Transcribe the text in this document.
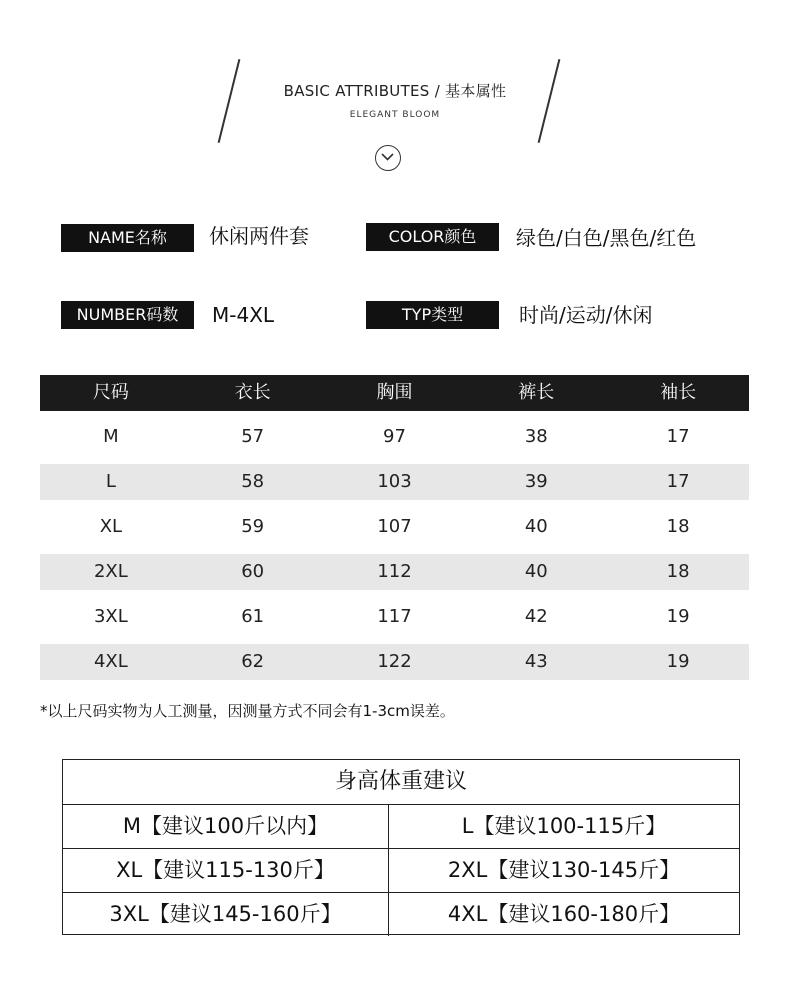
BASIC ATTRIBUTES / 基本属性
ELEGANT BLOOM
NAME名称	休闲两件套	COLOR颜色	绿色/白色/黑色/红色
NUMBER码数	M-4XL	TYP类型	时尚/运动/休闲
尺码	衣长	胸围	裤长	袖长
M	57	97	38	17
L	58	103	39	17
XL	59	107	40	18
2XL	60	112	40	18
3XL	61	117	42	19
4XL	62	122	43	19
*以上尺码实物为人工测量，因测量方式不同会有1-3cm误差。
身高体重建议
M【建议100斤以内】	L【建议100-115斤】
XL【建议115-130斤】	2XL【建议130-145斤】
3XL【建议145-160斤】	4XL【建议160-180斤】
